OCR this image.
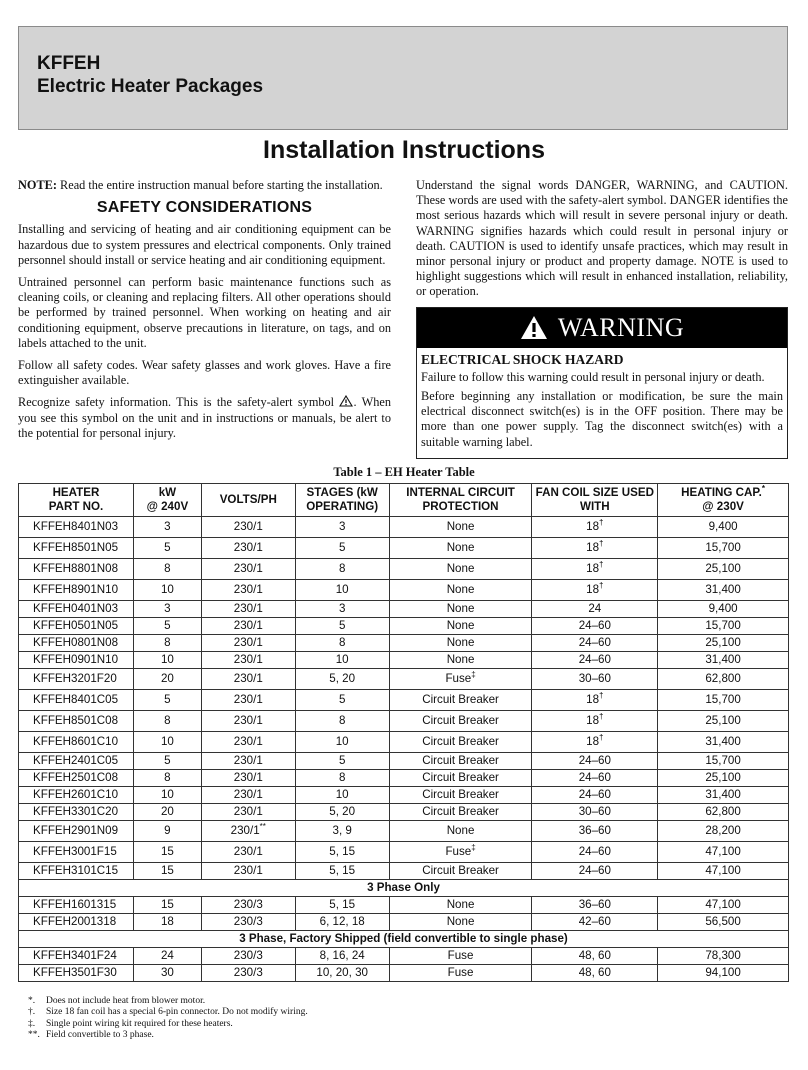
KFFEH
Electric Heater Packages
Installation Instructions

NOTE: Read the entire instruction manual before starting the installation.

SAFETY CONSIDERATIONS

Installing and servicing of heating and air conditioning equipment can be hazardous due to system pressures and electrical components. Only trained personnel should install or service heating and air conditioning equipment.

Untrained personnel can perform basic maintenance functions such as cleaning coils, or cleaning and replacing filters. All other operations should be performed by trained personnel. When working on heating and air conditioning equipment, observe precautions in literature, on tags, and on labels attached to the unit.

Follow all safety codes. Wear safety glasses and work gloves. Have a fire extinguisher available.

Recognize safety information. This is the safety-alert symbol . When you see this symbol on the unit and in instructions or manuals, be alert to the potential for personal injury.

Understand the signal words DANGER, WARNING, and CAUTION. These words are used with the safety-alert symbol. DANGER identifies the most serious hazards which will result in severe personal injury or death. WARNING signifies hazards which could result in personal injury or death. CAUTION is used to identify unsafe practices, which may result in minor personal injury or product and property damage. NOTE is used to highlight suggestions which will result in enhanced installation, reliability, or operation.

WARNING
ELECTRICAL SHOCK HAZARD

Failure to follow this warning could result in personal injury or death.

Before beginning any installation or modification, be sure the main electrical disconnect switch(es) is in the OFF position. There may be more than one power supply. Tag the disconnect switch(es) with a suitable warning label.

Table 1 – EH Heater Table
HEATER
PART NO.	kW
@ 240V	VOLTS/PH	STAGES (kW
OPERATING)	INTERNAL CIRCUIT
PROTECTION	FAN COIL SIZE USED
WITH	HEATING CAP.*
@ 230V
KFFEH8401N03	3	230/1	3	None	18†	9,400
KFFEH8501N05	5	230/1	5	None	18†	15,700
KFFEH8801N08	8	230/1	8	None	18†	25,100
KFFEH8901N10	10	230/1	10	None	18†	31,400
KFFEH0401N03	3	230/1	3	None	24	9,400
KFFEH0501N05	5	230/1	5	None	24–60	15,700
KFFEH0801N08	8	230/1	8	None	24–60	25,100
KFFEH0901N10	10	230/1	10	None	24–60	31,400
KFFEH3201F20	20	230/1	5, 20	Fuse‡	30–60	62,800
KFFEH8401C05	5	230/1	5	Circuit Breaker	18†	15,700
KFFEH8501C08	8	230/1	8	Circuit Breaker	18†	25,100
KFFEH8601C10	10	230/1	10	Circuit Breaker	18†	31,400
KFFEH2401C05	5	230/1	5	Circuit Breaker	24–60	15,700
KFFEH2501C08	8	230/1	8	Circuit Breaker	24–60	25,100
KFFEH2601C10	10	230/1	10	Circuit Breaker	24–60	31,400
KFFEH3301C20	20	230/1	5, 20	Circuit Breaker	30–60	62,800
KFFEH2901N09	9	230/1**	3, 9	None	36–60	28,200
KFFEH3001F15	15	230/1	5, 15	Fuse‡	24–60	47,100
KFFEH3101C15	15	230/1	5, 15	Circuit Breaker	24–60	47,100
3 Phase Only						
KFFEH1601315	15	230/3	5, 15	None	36–60	47,100
KFFEH2001318	18	230/3	6, 12, 18	None	42–60	56,500
3 Phase, Factory Shipped (field convertible to single phase)						
KFFEH3401F24	24	230/3	8, 16, 24	Fuse	48, 60	78,300
KFFEH3501F30	30	230/3	10, 20, 30	Fuse	48, 60	94,100
*.	Does not include heat from blower motor.
†.	Size 18 fan coil has a special 6-pin connector. Do not modify wiring.
‡.	Single point wiring kit required for these heaters.
**. Field convertible to 3 phase.
